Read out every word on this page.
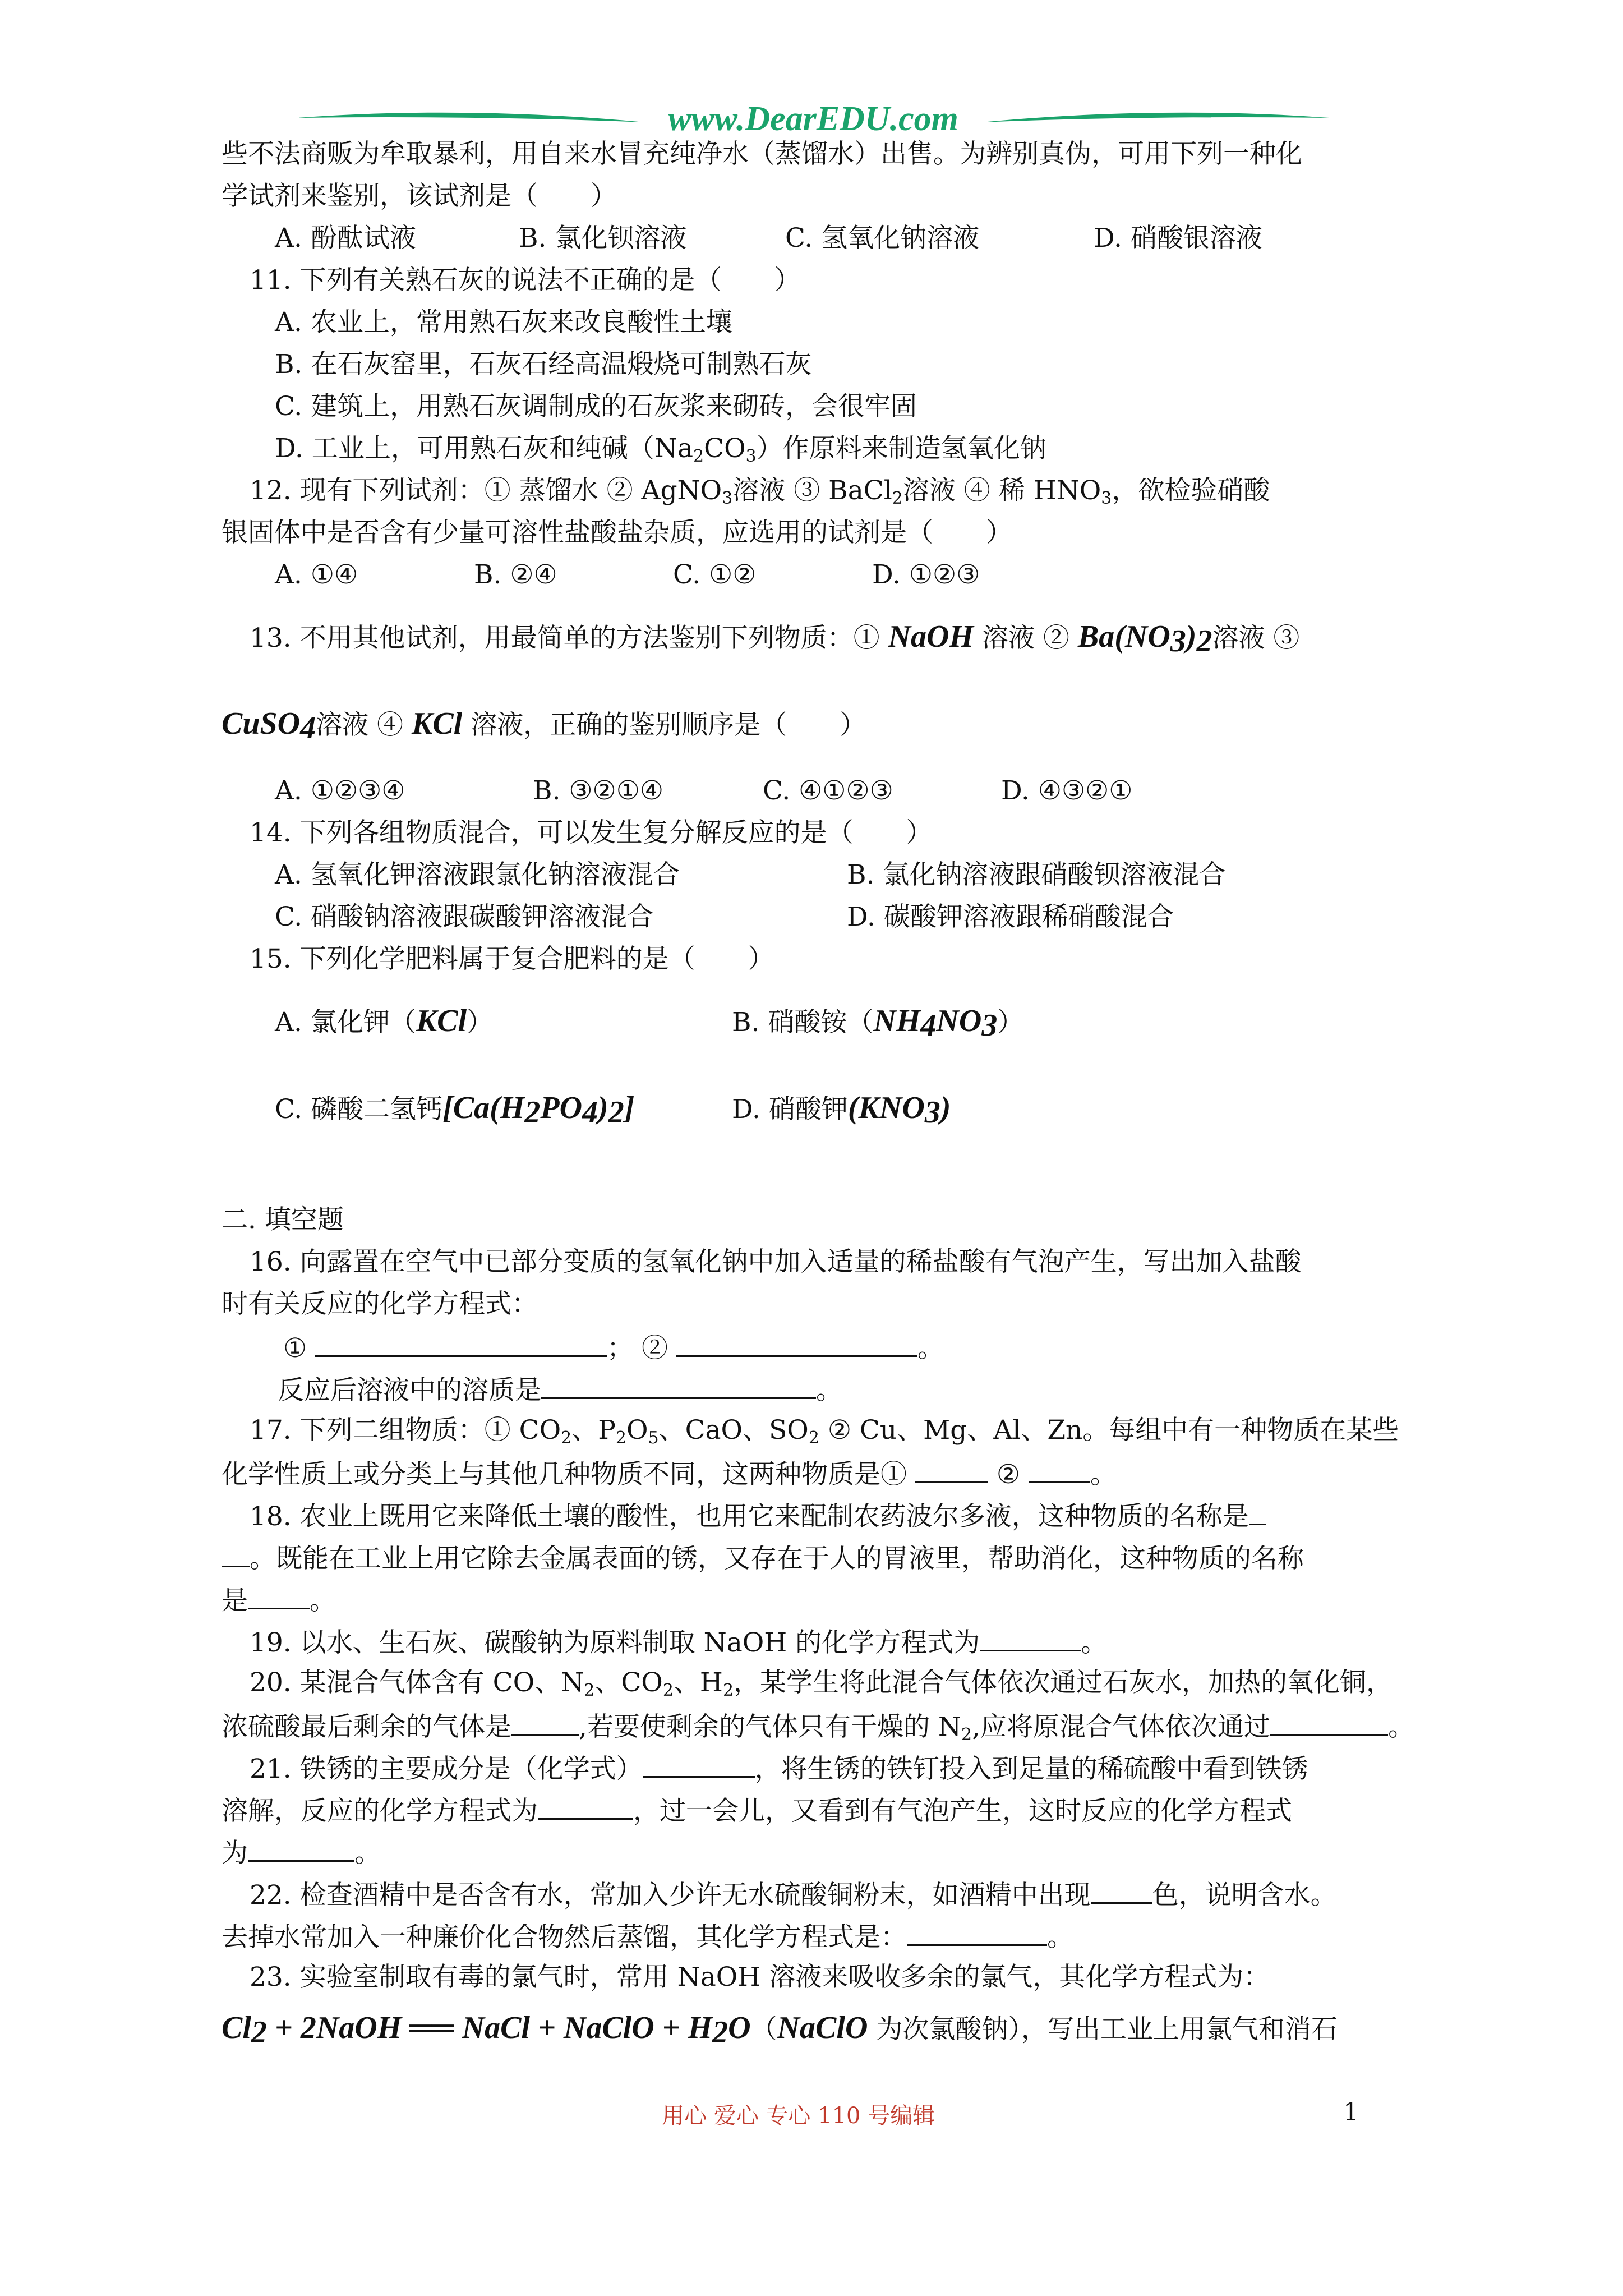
www.DearEDU.com
些不法商贩为牟取暴利，用自来水冒充纯净水（蒸馏水）出售。为辨别真伪，可用下列一种化
学试剂来鉴别，该试剂是（　　）
A. 酚酞试液	B. 氯化钡溶液	C. 氢氧化钠溶液	D. 硝酸银溶液
11. 下列有关熟石灰的说法不正确的是（　　）
A. 农业上，常用熟石灰来改良酸性土壤
B. 在石灰窑里，石灰石经高温煅烧可制熟石灰
C. 建筑上，用熟石灰调制成的石灰浆来砌砖，会很牢固
D. 工业上，可用熟石灰和纯碱$(Na_2CO_3)$作原料来制造氢氧化钠
12. 现有下列试剂：① 蒸馏水 ② AgNO$_3$溶液 ③ BaCl$_2$溶液 ④ 稀 $HNO_3$，欲检验硝酸
银固体中是否含有少量可溶性盐酸盐杂质，应选用的试剂是（　　）
A. ①④	B. ②④	C. ①②	D. ①②③
13. 不用其他试剂，用最简单的方法鉴别下列物质：① NaOH 溶液 ② $Ba(NO_3)_2$溶液 ③
CuSO$_4$溶液 ④ KCl 溶液，正确的鉴别顺序是（　　）
A. ①②③④	B. ③②①④	C. ④①②③	D. ④③②①
14. 下列各组物质混合，可以发生复分解反应的是（　　）
A. 氢氧化钾溶液跟氯化钠溶液混合	B. 氯化钠溶液跟硝酸钡溶液混合
C. 硝酸钠溶液跟碳酸钾溶液混合	D. 碳酸钾溶液跟稀硝酸混合
15. 下列化学肥料属于复合肥料的是（　　）
A. 氯化钾（KCl）	B. 硝酸铵$(NH_4NO_3)$
C. 磷酸二氢钙$[Ca(H_2PO_4)_2]$	D. 硝酸钾$(KNO_3)$
二. 填空题
16. 向露置在空气中已部分变质的氢氧化钠中加入适量的稀盐酸有气泡产生，写出加入盐酸
时有关反应的化学方程式：
①	； ②	。
反应后溶液中的溶质是	。
17. 下列二组物质：① $CO_2$、$P_2O_5$、CaO、$SO_2$ ② Cu、Mg、Al、Zn。每组中有一种物质在某些
化学性质上或分类上与其他几种物质不同，这两种物质是①	②	。
18. 农业上既用它来降低土壤的酸性，也用它来配制农药波尔多液，这种物质的名称是
。既能在工业上用它除去金属表面的锈，又存在于人的胃液里，帮助消化，这种物质的名称
是 。
19. 以水、生石灰、碳酸钠为原料制取 NaOH 的化学方程式为	。
20. 某混合气体含有 CO、$N_2$、$CO_2$、$H_2$，某学生将此混合气体依次通过石灰水，加热的氧化铜，
浓硫酸最后剩余的气体是	,若要使剩余的气体只有干燥的 $N_2$,应将原混合气体依次通过	。
21. 铁锈的主要成分是（化学式）	，将生锈的铁钉投入到足量的稀硫酸中看到铁锈
溶解，反应的化学方程式为	，过一会儿，又看到有气泡产生，这时反应的化学方程式
为	。
22. 检查酒精中是否含有水，常加入少许无水硫酸铜粉末，如酒精中出现 色，说明含水。
去掉水常加入一种廉价化合物然后蒸馏，其化学方程式是：	。
23. 实验室制取有毒的氯气时，常用 NaOH 溶液来吸收多余的氯气，其化学方程式为：
$Cl_2$ + 2NaOH ══ NaCl + NaClO + $H_2O(NaClO$ 为次氯酸钠），写出工业上用氯气和消石
用心 爱心 专心 110 号编辑	1
